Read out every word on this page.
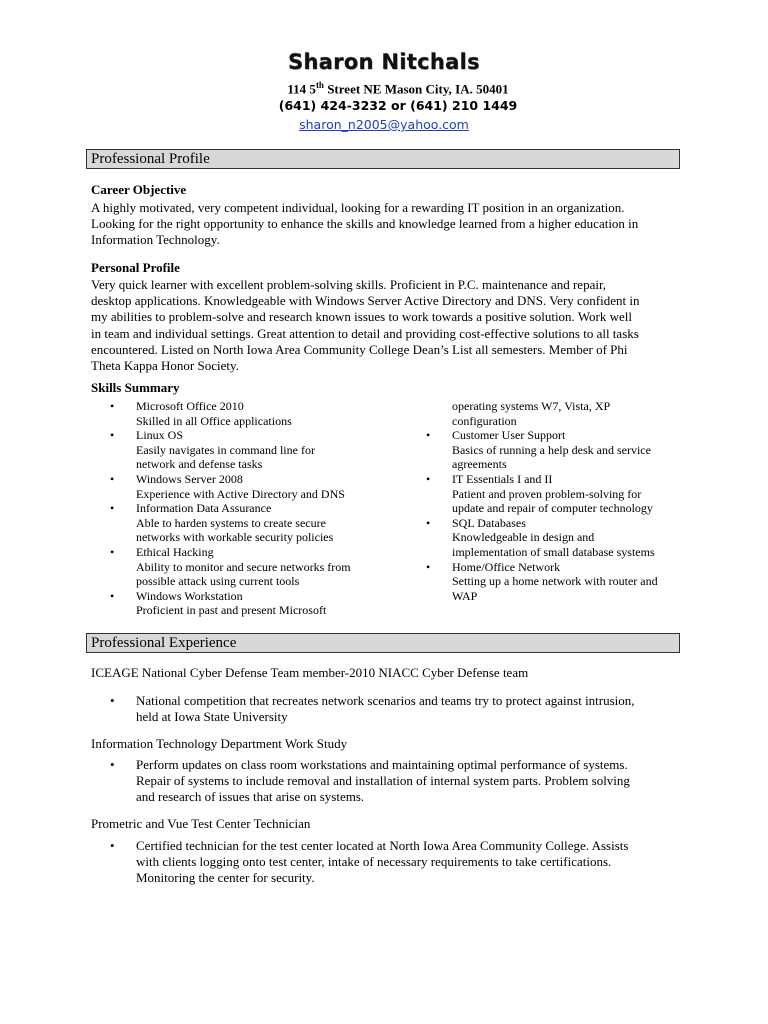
Sharon Nitchals
114 5th Street NE Mason City, IA. 50401
(641) 424-3232 or (641) 210 1449
sharon_n2005@yahoo.com
Professional Profile
Career Objective
A highly motivated, very competent individual, looking for a rewarding IT position in an organization.
Looking for the right opportunity to enhance the skills and knowledge learned from a higher education in
Information Technology.
Personal Profile
Very quick learner with excellent problem-solving skills. Proficient in P.C. maintenance and repair,
desktop applications. Knowledgeable with Windows Server Active Directory and DNS. Very confident in
my abilities to problem-solve and research known issues to work towards a positive solution. Work well
in team and individual settings. Great attention to detail and providing cost-effective solutions to all tasks
encountered. Listed on North Iowa Area Community College Dean’s List all semesters. Member of Phi
Theta Kappa Honor Society.
Skills Summary
• Microsoft Office 2010
Skilled in all Office applications
• Linux OS
Easily navigates in command line for
network and defense tasks
• Windows Server 2008
Experience with Active Directory and DNS
• Information Data Assurance
Able to harden systems to create secure
networks with workable security policies
• Ethical Hacking
Ability to monitor and secure networks from
possible attack using current tools
• Windows Workstation
Proficient in past and present Microsoft
operating systems W7, Vista, XP
configuration
• Customer User Support
Basics of running a help desk and service
agreements
• IT Essentials I and II
Patient and proven problem-solving for
update and repair of computer technology
• SQL Databases
Knowledgeable in design and
implementation of small database systems
• Home/Office Network
Setting up a home network with router and
WAP
Professional Experience
ICEAGE National Cyber Defense Team member-2010 NIACC Cyber Defense team
• National competition that recreates network scenarios and teams try to protect against intrusion,
held at Iowa State University
Information Technology Department Work Study
• Perform updates on class room workstations and maintaining optimal performance of systems.
Repair of systems to include removal and installation of internal system parts. Problem solving
and research of issues that arise on systems.
Prometric and Vue Test Center Technician
• Certified technician for the test center located at North Iowa Area Community College. Assists
with clients logging onto test center, intake of necessary requirements to take certifications.
Monitoring the center for security.
